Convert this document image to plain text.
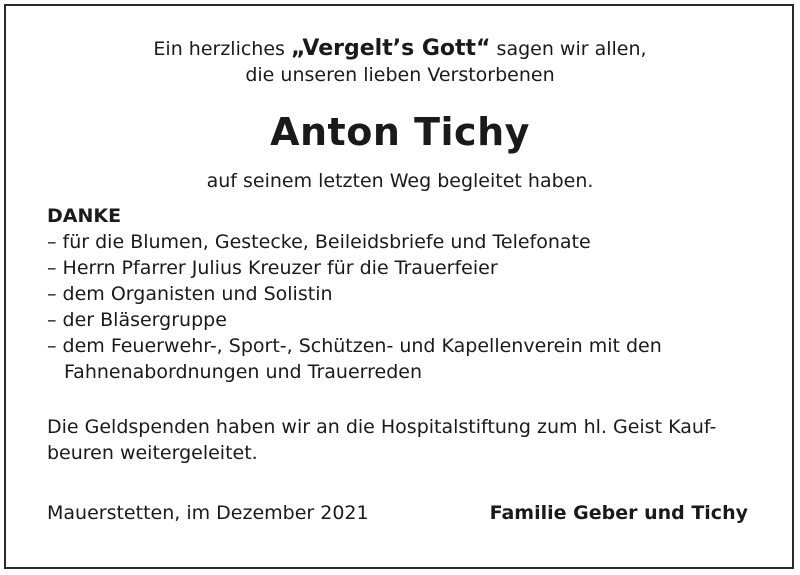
Ein herzliches „Vergelt’s Gott“ sagen wir allen,
die unseren lieben Verstorbenen
Anton Tichy
auf seinem letzten Weg begleitet haben.
DANKE
– für die Blumen, Gestecke, Beileidsbriefe und Telefonate
– Herrn Pfarrer Julius Kreuzer für die Trauerfeier
– dem Organisten und Solistin
– der Bläsergruppe
– dem Feuerwehr-, Sport-, Schützen- und Kapellenverein mit den
Fahnenabordnungen und Trauerreden
Die Geldspenden haben wir an die Hospitalstiftung zum hl. Geist Kauf-
beuren weitergeleitet.
Mauerstetten, im Dezember 2021	Familie Geber und Tichy
